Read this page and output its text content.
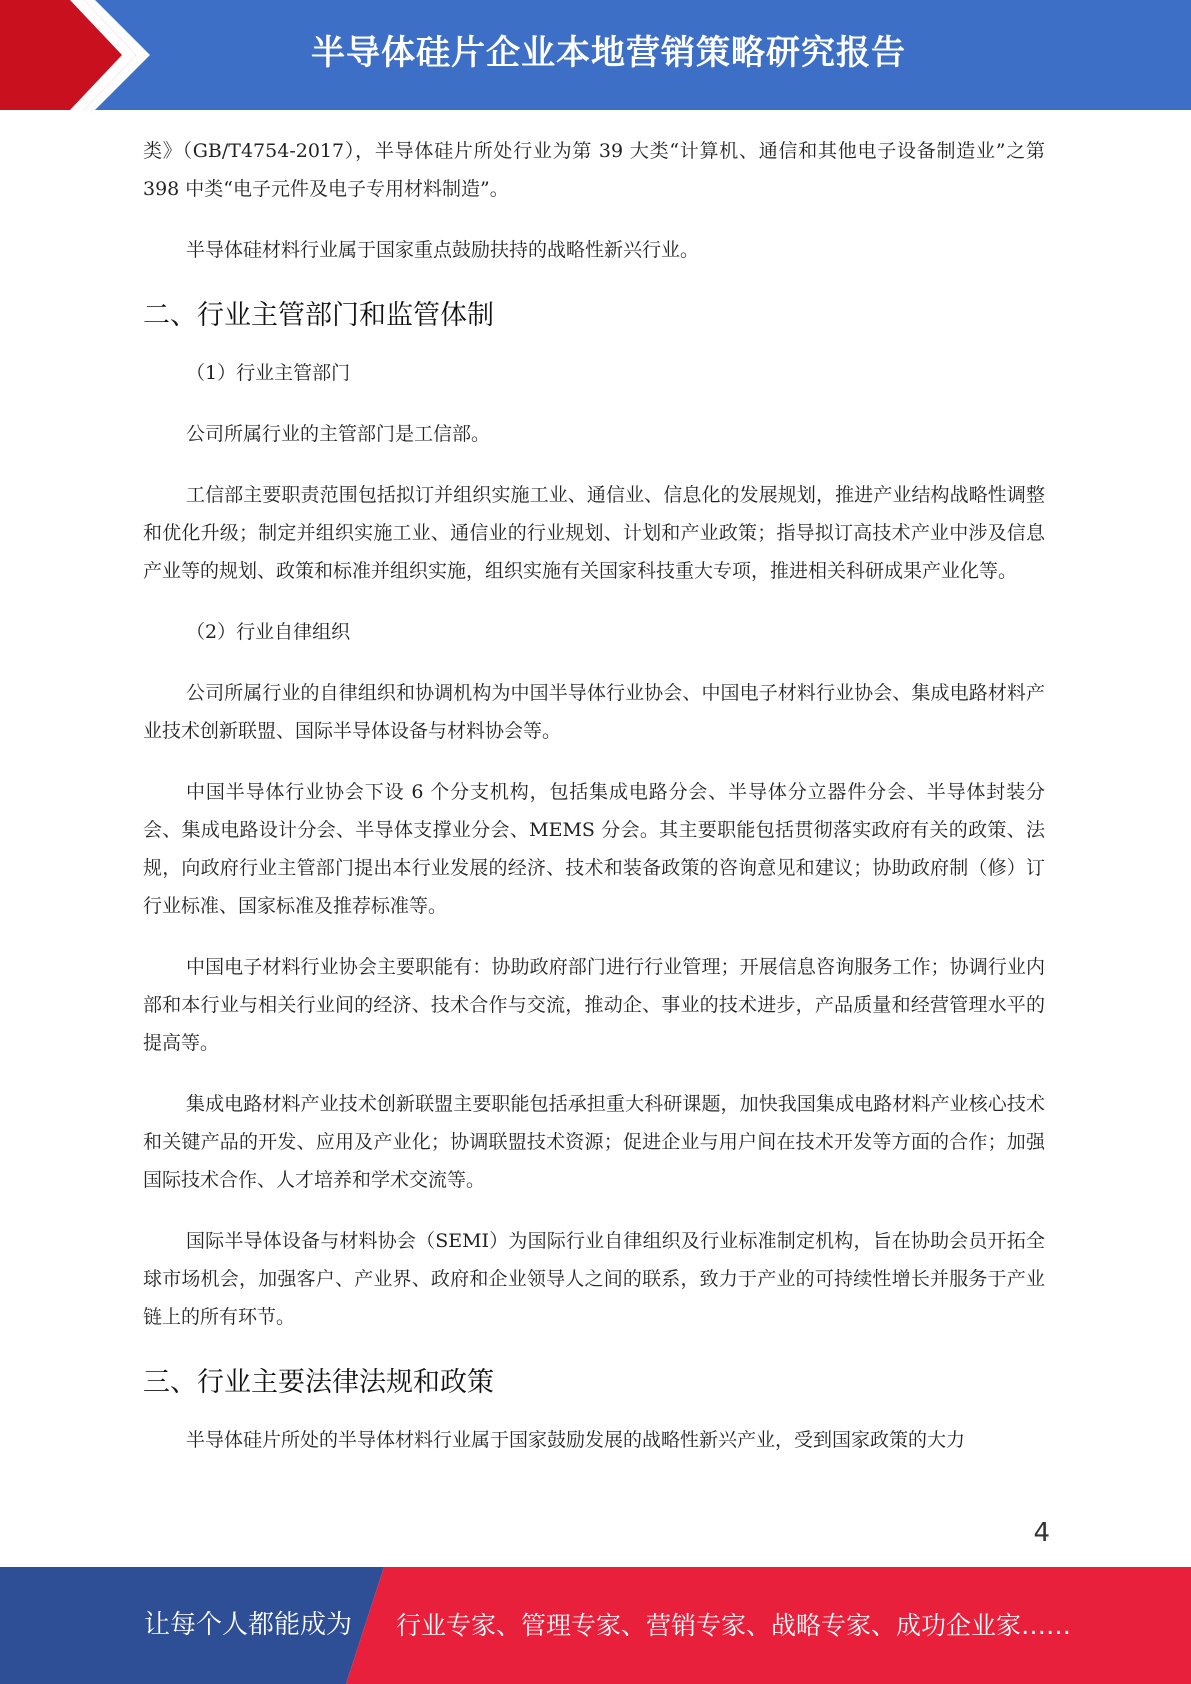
半导体硅片企业本地营销策略研究报告

类》（GB/T4754-2017），半导体硅片所处行业为第 39 大类“计算机、通信和其他电子设备制造业”之第 398 中类“电子元件及电子专用材料制造”。

半导体硅材料行业属于国家重点鼓励扶持的战略性新兴行业。

二、行业主管部门和监管体制

（1）行业主管部门

公司所属行业的主管部门是工信部。

工信部主要职责范围包括拟订并组织实施工业、通信业、信息化的发展规划，推进产业结构战略性调整和优化升级；制定并组织实施工业、通信业的行业规划、计划和产业政策；指导拟订高技术产业中涉及信息产业等的规划、政策和标准并组织实施，组织实施有关国家科技重大专项，推进相关科研成果产业化等。

（2）行业自律组织

公司所属行业的自律组织和协调机构为中国半导体行业协会、中国电子材料行业协会、集成电路材料产业技术创新联盟、国际半导体设备与材料协会等。

中国半导体行业协会下设 6 个分支机构，包括集成电路分会、半导体分立器件分会、半导体封装分会、集成电路设计分会、半导体支撑业分会、MEMS 分会。其主要职能包括贯彻落实政府有关的政策、法规，向政府行业主管部门提出本行业发展的经济、技术和装备政策的咨询意见和建议；协助政府制（修）订行业标准、国家标准及推荐标准等。

中国电子材料行业协会主要职能有：协助政府部门进行行业管理；开展信息咨询服务工作；协调行业内部和本行业与相关行业间的经济、技术合作与交流，推动企、事业的技术进步，产品质量和经营管理水平的提高等。

集成电路材料产业技术创新联盟主要职能包括承担重大科研课题，加快我国集成电路材料产业核心技术和关键产品的开发、应用及产业化；协调联盟技术资源；促进企业与用户间在技术开发等方面的合作；加强国际技术合作、人才培养和学术交流等。

国际半导体设备与材料协会（SEMI）为国际行业自律组织及行业标准制定机构，旨在协助会员开拓全球市场机会，加强客户、产业界、政府和企业领导人之间的联系，致力于产业的可持续性增长并服务于产业链上的所有环节。

三、行业主要法律法规和政策

半导体硅片所处的半导体材料行业属于国家鼓励发展的战略性新兴产业，受到国家政策的大力

4
让每个人都能成为 行业专家、管理专家、营销专家、战略专家、成功企业家……
